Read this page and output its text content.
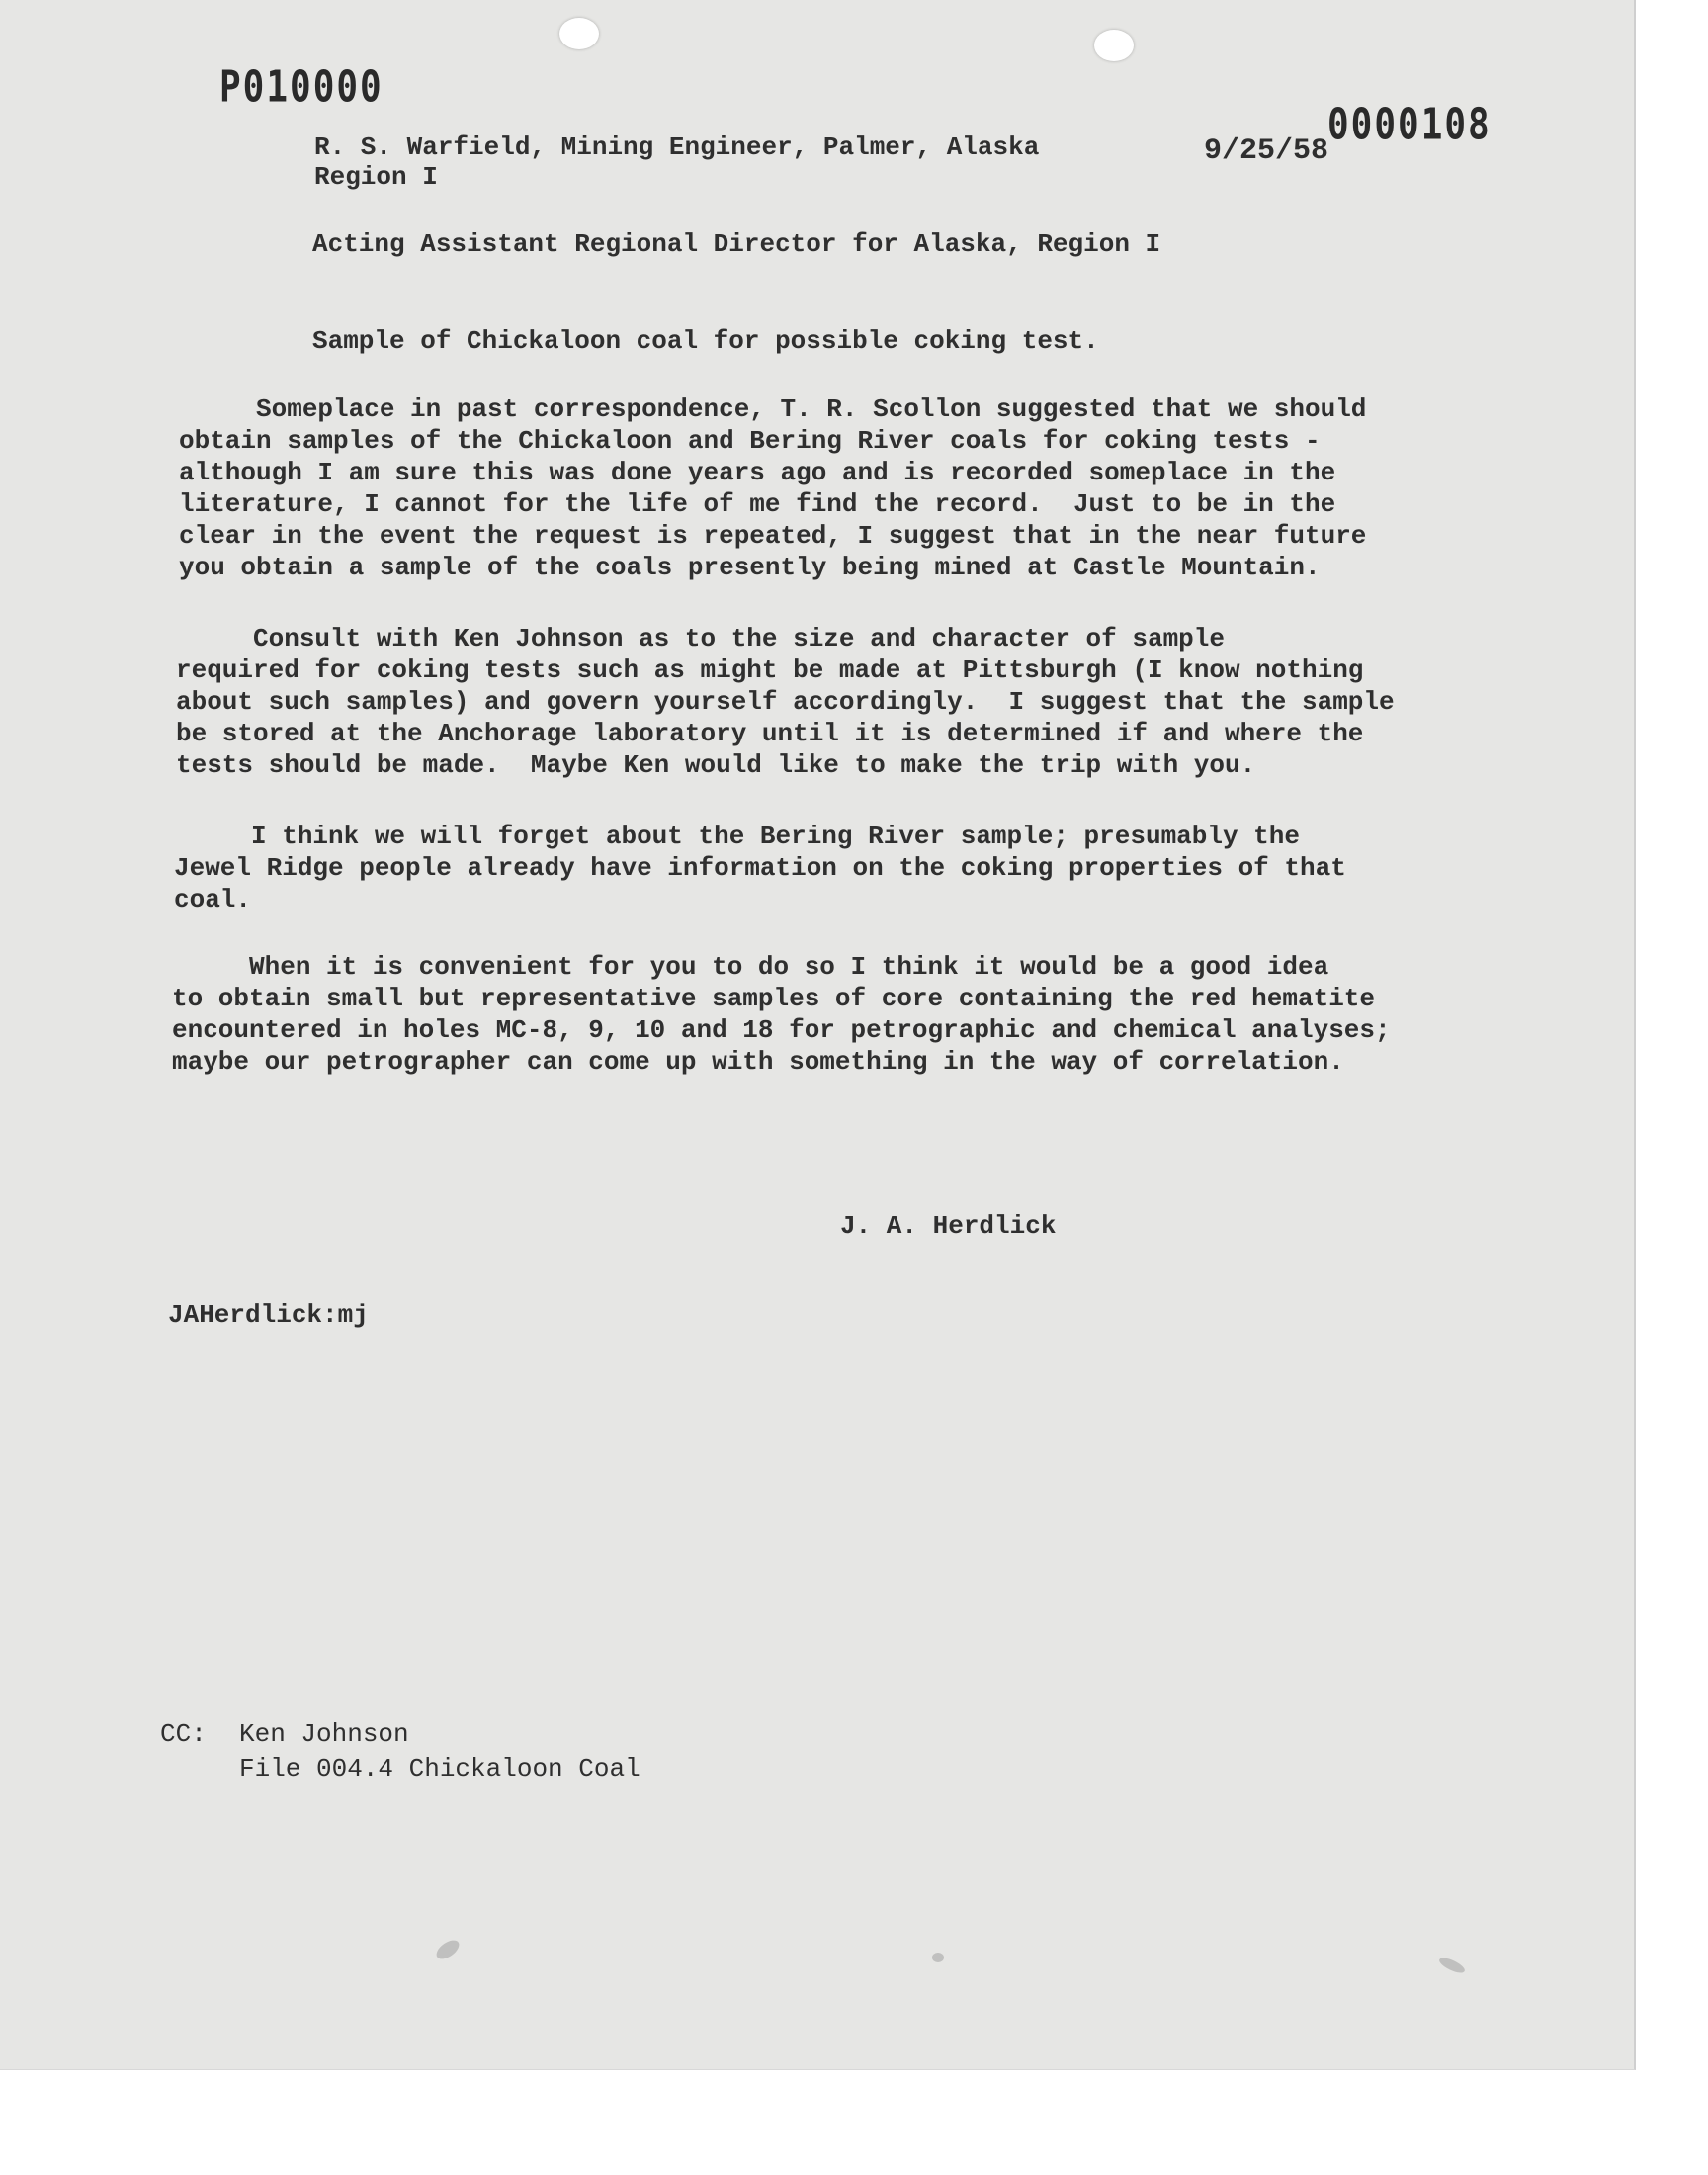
P010000
0000108
R. S. Warfield, Mining Engineer, Palmer, Alaska
Region I
9/25/58
Acting Assistant Regional Director for Alaska, Region I
Sample of Chickaloon coal for possible coking test.
Someplace in past correspondence, T. R. Scollon suggested that we should
obtain samples of the Chickaloon and Bering River coals for coking tests -
although I am sure this was done years ago and is recorded someplace in the
literature, I cannot for the life of me find the record.  Just to be in the
clear in the event the request is repeated, I suggest that in the near future
you obtain a sample of the coals presently being mined at Castle Mountain.
Consult with Ken Johnson as to the size and character of sample
required for coking tests such as might be made at Pittsburgh (I know nothing
about such samples) and govern yourself accordingly.  I suggest that the sample
be stored at the Anchorage laboratory until it is determined if and where the
tests should be made.  Maybe Ken would like to make the trip with you.
I think we will forget about the Bering River sample; presumably the
Jewel Ridge people already have information on the coking properties of that
coal.
When it is convenient for you to do so I think it would be a good idea
to obtain small but representative samples of core containing the red hematite
encountered in holes MC-8, 9, 10 and 18 for petrographic and chemical analyses;
maybe our petrographer can come up with something in the way of correlation.
J. A. Herdlick
JAHerdlick:mj
CC: Ken Johnson
File 004.4 Chickaloon Coal
